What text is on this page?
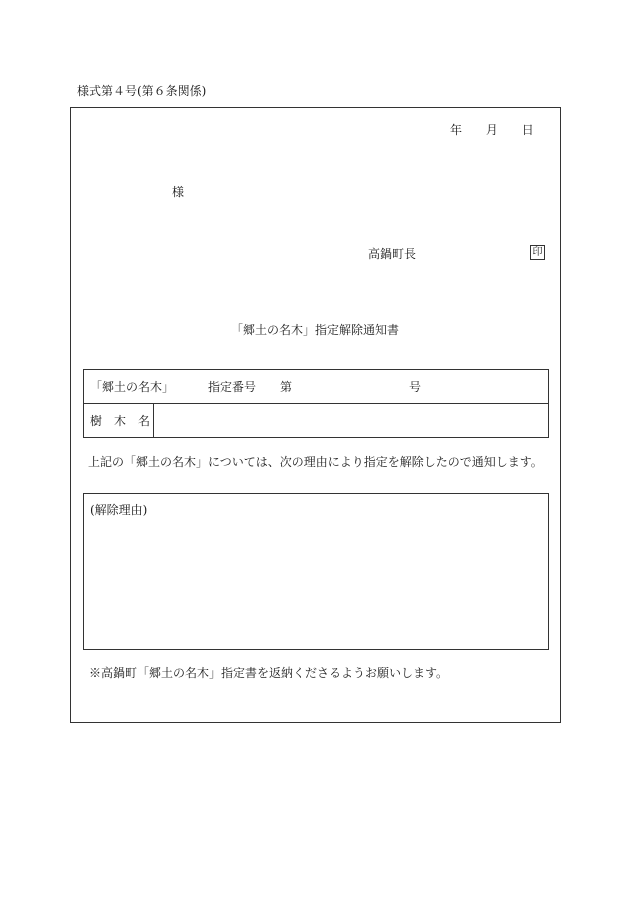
様式第４号(第６条関係)
年 月 日
様
高鍋町長	印
「郷土の名木」指定解除通知書
「郷土の名木」	指定番号 第	号
樹　木　名
上記の「郷土の名木」については、次の理由により指定を解除したので通知します。
(解除理由)
※高鍋町「郷土の名木」指定書を返納くださるようお願いします。
